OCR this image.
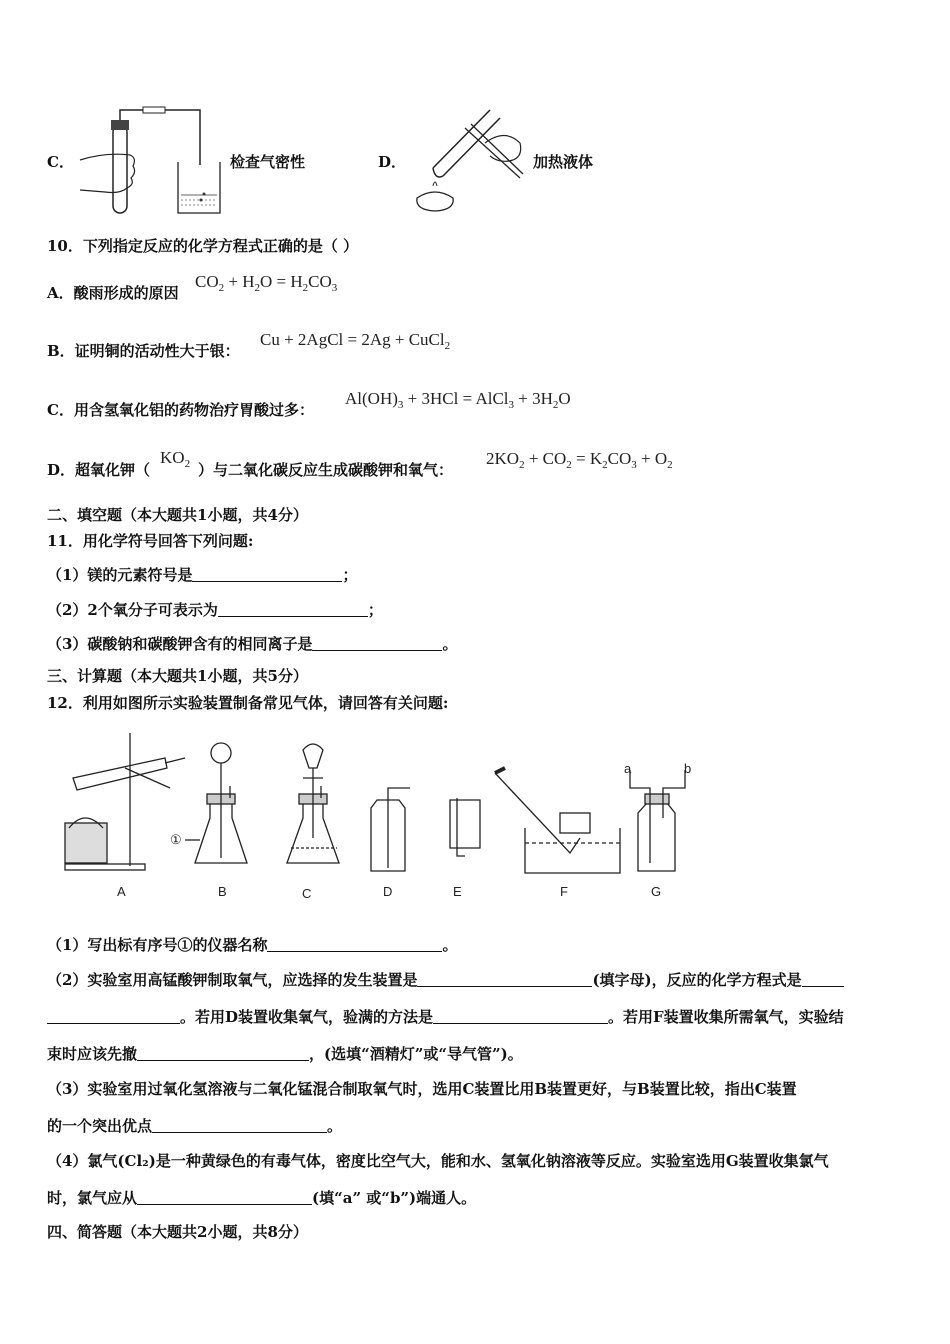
C．	检查气密性	D．	加热液体
10．下列指定反应的化学方程式正确的是（ ）
A．酸雨形成的原因
$CO_2 + H_2O = H_2CO_3$
B．证明铜的活动性大于银：
Cu + 2AgCl = 2Ag + CuCl$_2$
C．用含氢氧化铝的药物治疗胃酸过多：
$Al(OH)_3 + 3HCl$ = AlCl$_3$ + $3H_2O$
D．超氧化钾（
$KO_2$ ）与二氧化碳反应生成碳酸钾和氧气：
$2KO_2 + CO_2 = K_2CO_3 + O_2$
二、填空题（本大题共1小题，共4分）
11．用化学符号回答下列问题:
（1）镁的元素符号是	；
（2）2个氧分子可表示为	；
（3）碳酸钠和碳酸钾含有的相同离子是	。
三、计算题（本大题共1小题，共5分）
12．利用如图所示实验装置制备常见气体，请回答有关问题:
A	B	C	D	E	F	G
①
a	b
（1）写出标有序号①的仪器名称	。
（2）实验室用高锰酸钾制取氧气，应选择的发生装置是	(填字母)，反应的化学方程式是
。若用D装置收集氧气，验满的方法是	。若用F装置收集所需氧气，实验结
束时应该先撤	，(选填“酒精灯”或“导气管”)。
（3）实验室用过氧化氢溶液与二氧化锰混合制取氧气时，选用C装置比用B装置更好，与B装置比较，指出C装置
的一个突出优点	。
（4）氯气(Cl₂)是一种黄绿色的有毒气体，密度比空气大，能和水、氢氧化钠溶液等反应。实验室选用G装置收集氯气
时，氯气应从	(填“a” 或“b”)端通人。
四、简答题（本大题共2小题，共8分）
